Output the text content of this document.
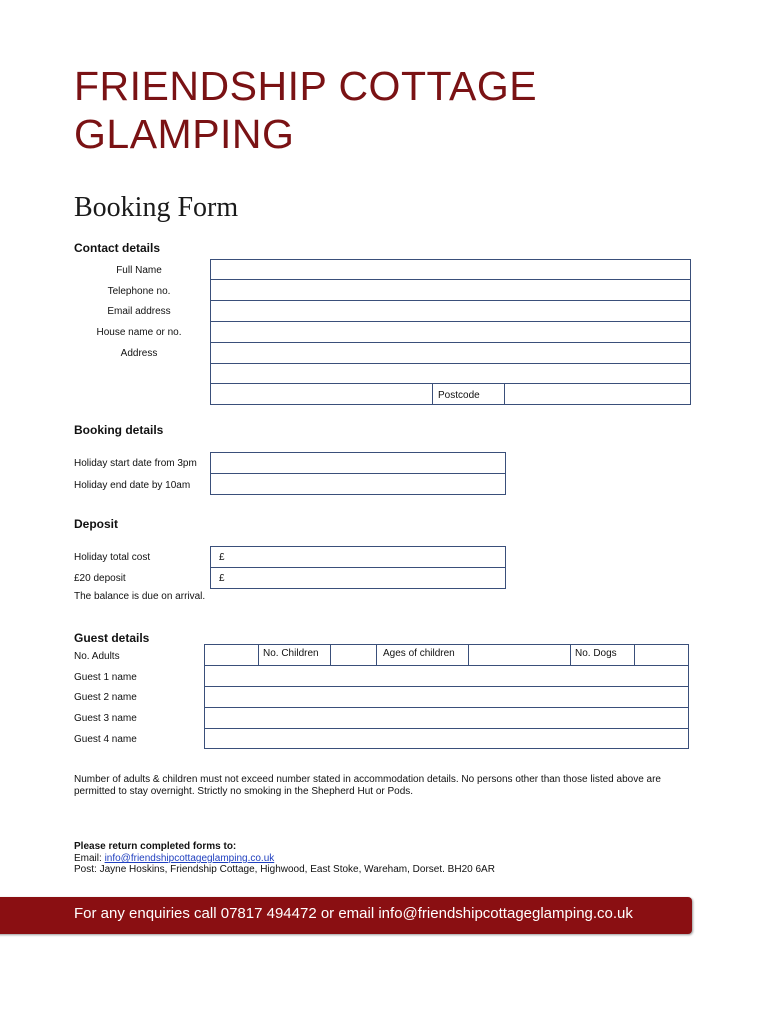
FRIENDSHIP COTTAGE
GLAMPING
Booking Form
Contact details
Full Name
Telephone no.
Email address
House name or no.
Address
Postcode
Booking details
Holiday start date from 3pm
Holiday end date by 10am
Deposit
Holiday total cost	£
£20 deposit	£
The balance is due on arrival.
Guest details
No. Adults	No. Children	Ages of children	No. Dogs
Guest 1 name
Guest 2 name
Guest 3 name
Guest 4 name
Number of adults & children must not exceed number stated in accommodation details. No persons other than those listed above are permitted to stay overnight. Strictly no smoking in the Shepherd Hut or Pods.
Please return completed forms to:
Email: info@friendshipcottageglamping.co.uk
Post: Jayne Hoskins, Friendship Cottage, Highwood, East Stoke, Wareham, Dorset. BH20 6AR
For any enquiries call 07817 494472 or email info@friendshipcottageglamping.co.uk
